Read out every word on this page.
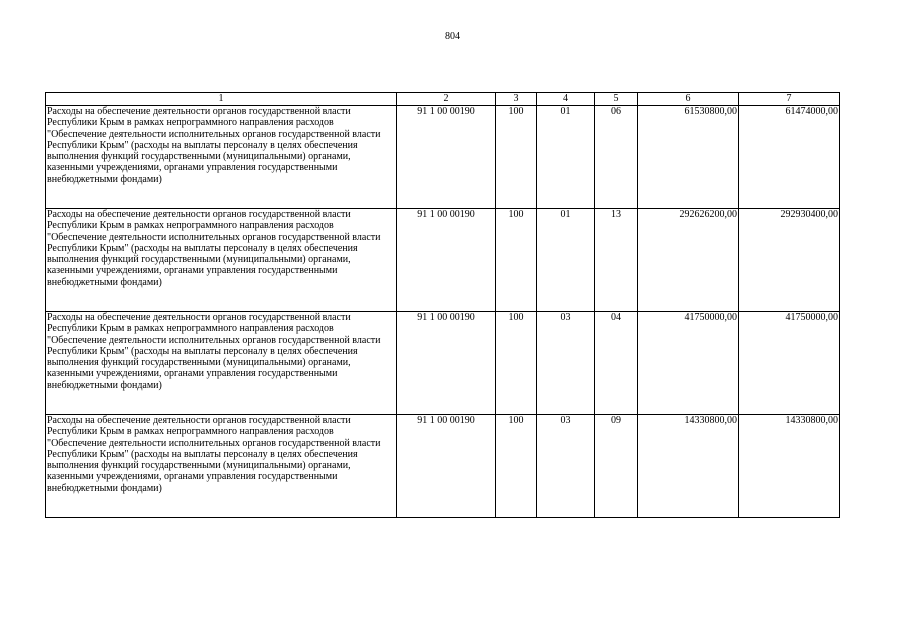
804
1	2	3	4	5	6	7
Расходы на обеспечение деятельности органов государственной власти Республики Крым в рамках непрограммного направления расходов "Обеспечение деятельности исполнительных органов государственной власти Республики Крым" (расходы на выплаты персоналу в целях обеспечения выполнения функций государственными (муниципальными) органами, казенными учреждениями, органами управления государственными внебюджетными фондами)	91 1 00 00190	100	01	06	61530800,00	61474000,00
Расходы на обеспечение деятельности органов государственной власти Республики Крым в рамках непрограммного направления расходов "Обеспечение деятельности исполнительных органов государственной власти Республики Крым" (расходы на выплаты персоналу в целях обеспечения выполнения функций государственными (муниципальными) органами, казенными учреждениями, органами управления государственными внебюджетными фондами)	91 1 00 00190	100	01	13	292626200,00	292930400,00
Расходы на обеспечение деятельности органов государственной власти Республики Крым в рамках непрограммного направления расходов "Обеспечение деятельности исполнительных органов государственной власти Республики Крым" (расходы на выплаты персоналу в целях обеспечения выполнения функций государственными (муниципальными) органами, казенными учреждениями, органами управления государственными внебюджетными фондами)	91 1 00 00190	100	03	04	41750000,00	41750000,00
Расходы на обеспечение деятельности органов государственной власти Республики Крым в рамках непрограммного направления расходов "Обеспечение деятельности исполнительных органов государственной власти Республики Крым" (расходы на выплаты персоналу в целях обеспечения выполнения функций государственными (муниципальными) органами, казенными учреждениями, органами управления государственными внебюджетными фондами)	91 1 00 00190	100	03	09	14330800,00	14330800,00
